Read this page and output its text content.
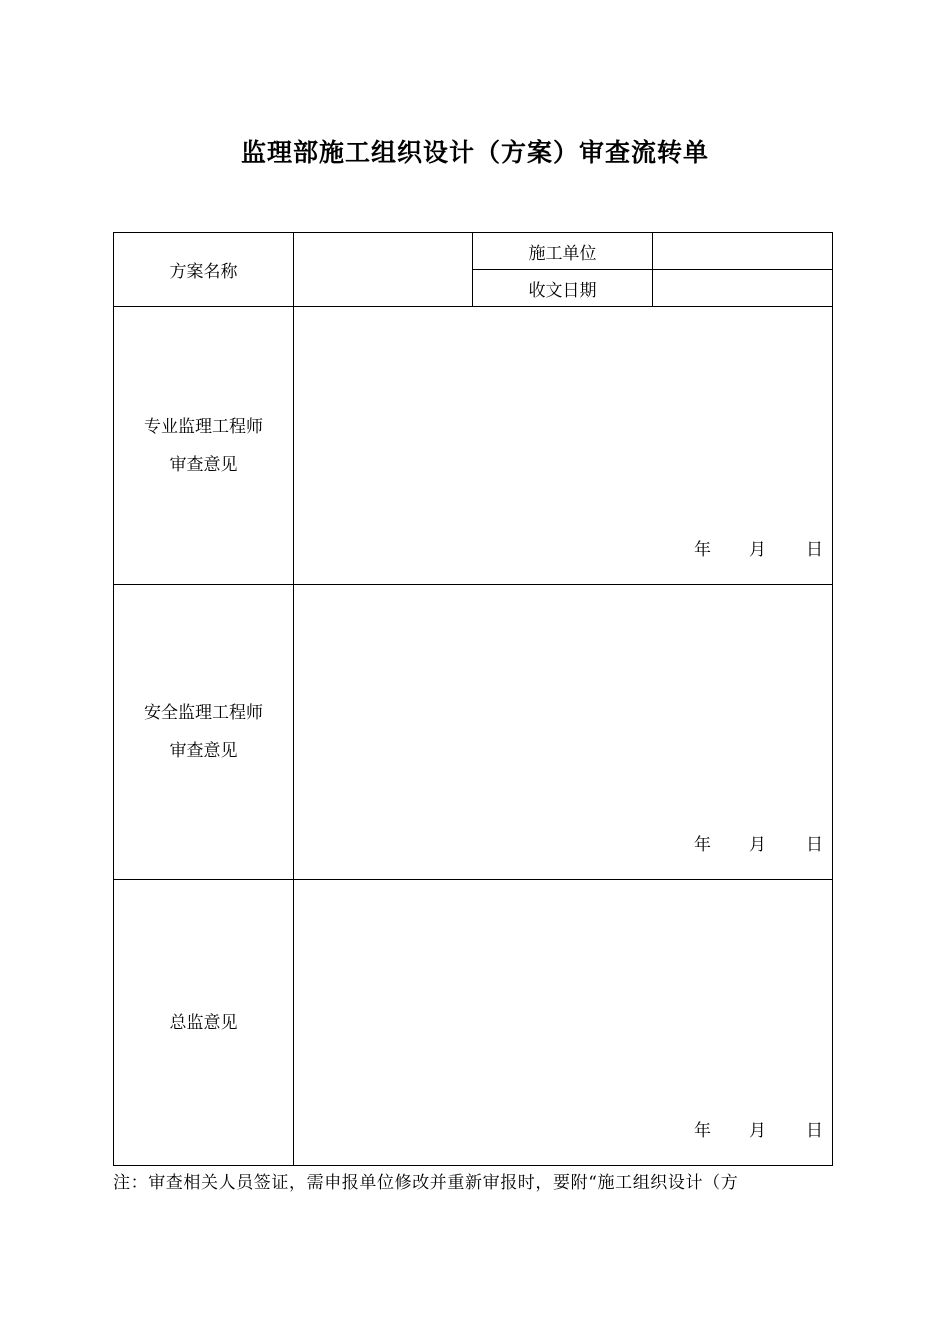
监理部施工组织设计（方案）审查流转单
方案名称		施工单位	
		收文日期	

专业监理工程师
审查意见	年 月 日		

安全监理工程师
审查意见	年 月 日		

总监意见	年 月 日		
注：审查相关人员签证，需申报单位修改并重新审报时，要附“施工组织设计（方
